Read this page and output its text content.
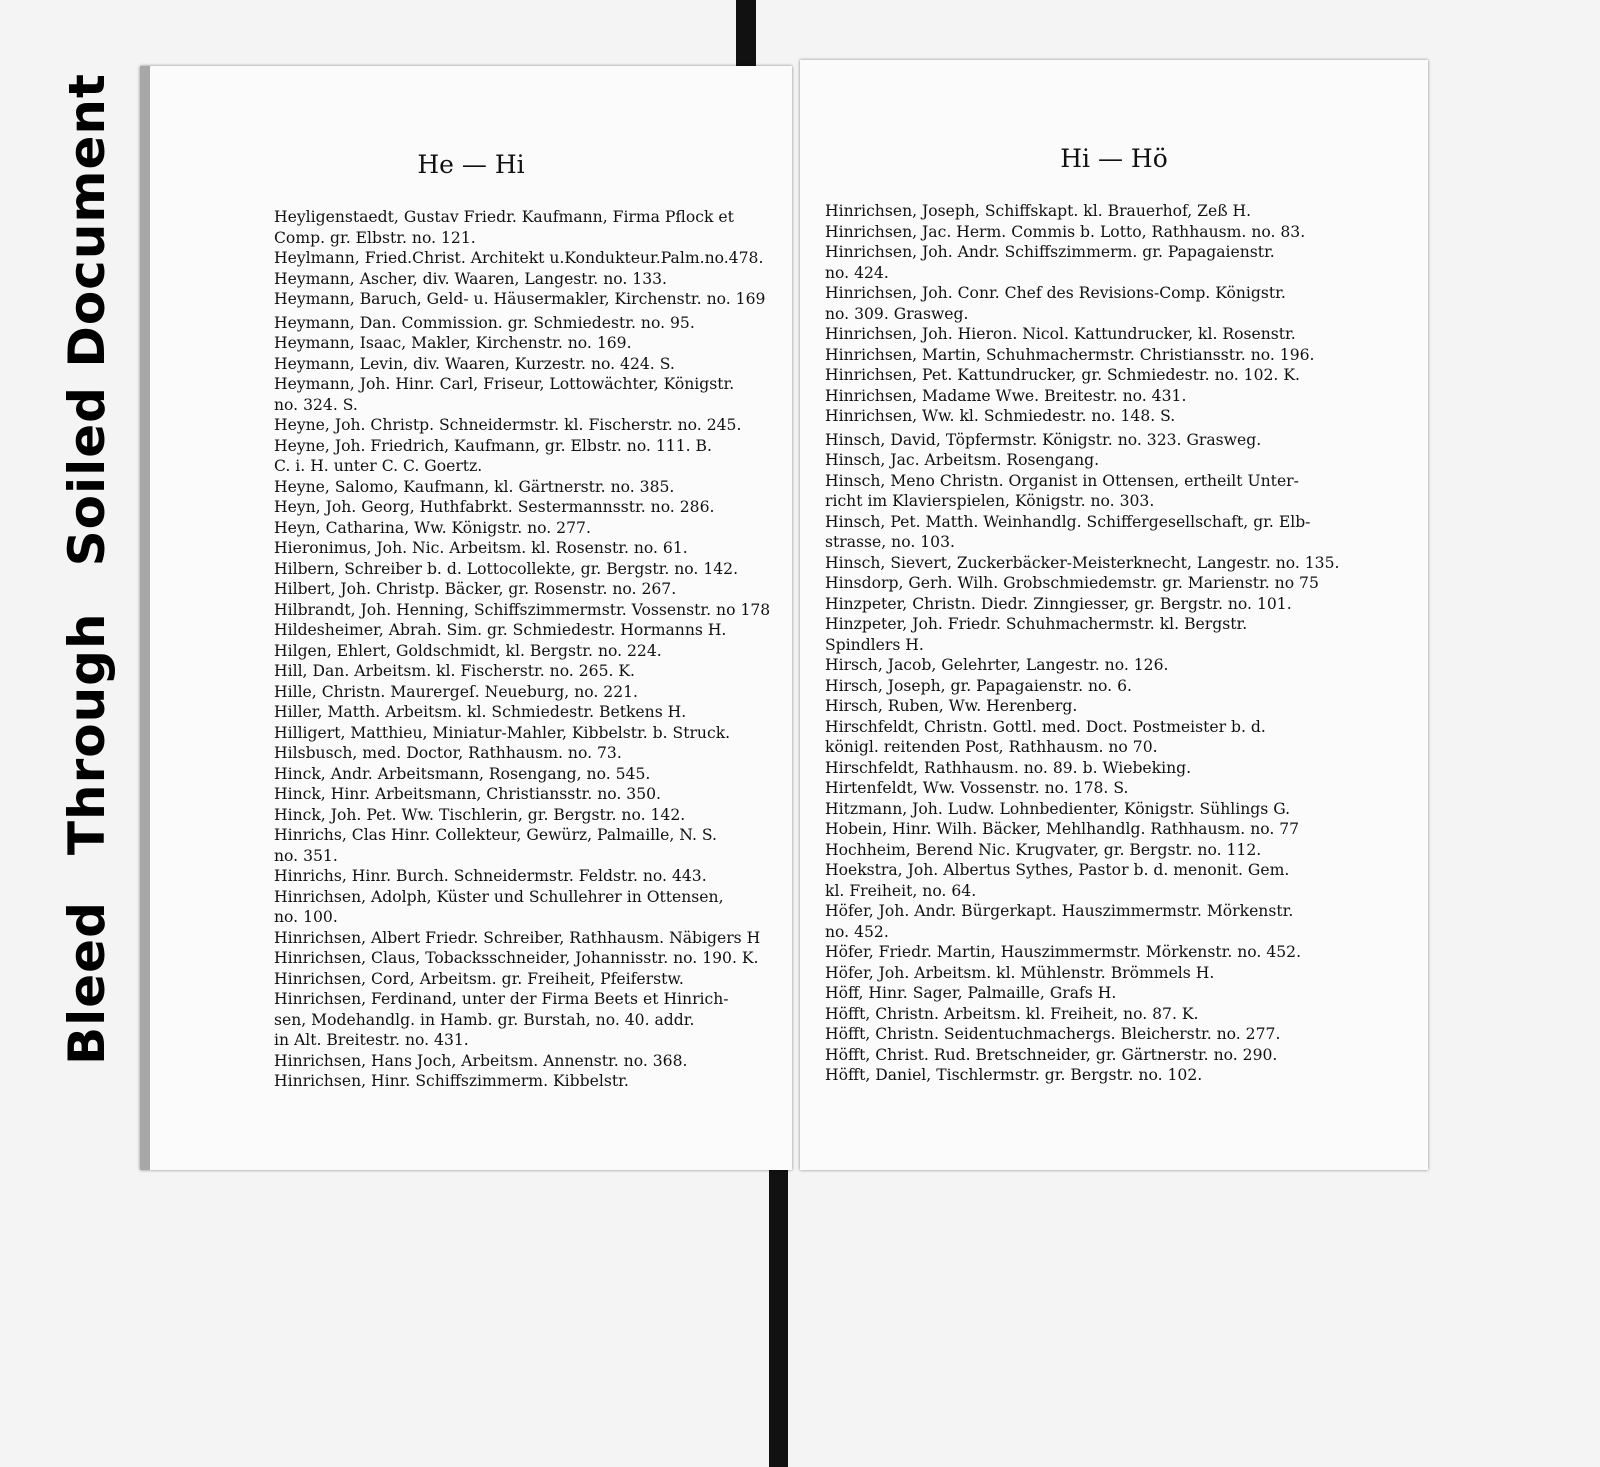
BleedThroughSoiled Document	He — Hi
Heyligenstaedt, Gustav Friedr. Kaufmann, Firma Pflock et
Comp. gr. Elbstr. no. 121.
Heylmann, Fried.Christ. Architekt u.Kondukteur.Palm.no.478.
Heymann, Ascher, div. Waaren, Langestr. no. 133.
Heymann, Baruch, Geld- u. Häusermakler, Kirchenstr. no. 169
Heymann, Dan. Commission. gr. Schmiedestr. no. 95.
Heymann, Isaac, Makler, Kirchenstr. no. 169.
Heymann, Levin, div. Waaren, Kurzestr. no. 424. S.
Heymann, Joh. Hinr. Carl, Friseur, Lottowächter, Königstr.
no. 324. S.
Heyne, Joh. Christp. Schneidermstr. kl. Fischerstr. no. 245.
Heyne, Joh. Friedrich, Kaufmann, gr. Elbstr. no. 111. B.
C. i. H. unter C. C. Goertz.
Heyne, Salomo, Kaufmann, kl. Gärtnerstr. no. 385.
Heyn, Joh. Georg, Huthfabrkt. Sestermannsstr. no. 286.
Heyn, Catharina, Ww. Königstr. no. 277.
Hieronimus, Joh. Nic. Arbeitsm. kl. Rosenstr. no. 61.
Hilbern, Schreiber b. d. Lottocollekte, gr. Bergstr. no. 142.
Hilbert, Joh. Christp. Bäcker, gr. Rosenstr. no. 267.
Hilbrandt, Joh. Henning, Schiffszimmermstr. Vossenstr. no 178
Hildesheimer, Abrah. Sim. gr. Schmiedestr. Hormanns H.
Hilgen, Ehlert, Goldschmidt, kl. Bergstr. no. 224.
Hill, Dan. Arbeitsm. kl. Fischerstr. no. 265. K.
Hille, Christn. Maurergeſ. Neueburg, no. 221.
Hiller, Matth. Arbeitsm. kl. Schmiedestr. Betkens H.
Hilligert, Matthieu, Miniatur-Mahler, Kibbelstr. b. Struck.
Hilsbusch, med. Doctor, Rathhausm. no. 73.
Hinck, Andr. Arbeitsmann, Rosengang, no. 545.
Hinck, Hinr. Arbeitsmann, Christiansstr. no. 350.
Hinck, Joh. Pet. Ww. Tischlerin, gr. Bergstr. no. 142.
Hinrichs, Clas Hinr. Collekteur, Gewürz, Palmaille, N. S.
no. 351.
Hinrichs, Hinr. Burch. Schneidermstr. Feldstr. no. 443.
Hinrichsen, Adolph, Küster und Schullehrer in Ottensen,
no. 100.
Hinrichsen, Albert Friedr. Schreiber, Rathhausm. Näbigers H
Hinrichsen, Claus, Tobacksschneider, Johannisstr. no. 190. K.
Hinrichsen, Cord, Arbeitsm. gr. Freiheit, Pfeiferstw.
Hinrichsen, Ferdinand, unter der Firma Beets et Hinrich-
sen, Modehandlg. in Hamb. gr. Burstah, no. 40. addr.
in Alt. Breitestr. no. 431.
Hinrichsen, Hans Joch, Arbeitsm. Annenstr. no. 368.
Hinrichsen, Hinr. Schiffszimmerm. Kibbelstr.
Hi — Hö
Hinrichsen, Joseph, Schiffskapt. kl. Brauerhof, Zeß H.
Hinrichsen, Jac. Herm. Commis b. Lotto, Rathhausm. no. 83.
Hinrichsen, Joh. Andr. Schiffszimmerm. gr. Papagaienstr.
no. 424.
Hinrichsen, Joh. Conr. Chef des Revisions-Comp. Königstr.
no. 309. Grasweg.
Hinrichsen, Joh. Hieron. Nicol. Kattundrucker, kl. Rosenstr.
Hinrichsen, Martin, Schuhmachermstr. Christiansstr. no. 196.
Hinrichsen, Pet. Kattundrucker, gr. Schmiedestr. no. 102. K.
Hinrichsen, Madame Wwe. Breitestr. no. 431.
Hinrichsen, Ww. kl. Schmiedestr. no. 148. S.
Hinsch, David, Töpfermstr. Königstr. no. 323. Grasweg.
Hinsch, Jac. Arbeitsm. Rosengang.
Hinsch, Meno Christn. Organist in Ottensen, ertheilt Unter-
richt im Klavierspielen, Königstr. no. 303.
Hinsch, Pet. Matth. Weinhandlg. Schiffergesellschaft, gr. Elb-
strasse, no. 103.
Hinsch, Sievert, Zuckerbäcker-Meisterknecht, Langestr. no. 135.
Hinsdorp, Gerh. Wilh. Grobschmiedemstr. gr. Marienstr. no 75
Hinzpeter, Christn. Diedr. Zinngiesser, gr. Bergstr. no. 101.
Hinzpeter, Joh. Friedr. Schuhmachermstr. kl. Bergstr.
Spindlers H.
Hirsch, Jacob, Gelehrter, Langestr. no. 126.
Hirsch, Joseph, gr. Papagaienstr. no. 6.
Hirsch, Ruben, Ww. Herenberg.
Hirschfeldt, Christn. Gottl. med. Doct. Postmeister b. d.
königl. reitenden Post, Rathhausm. no 70.
Hirschfeldt, Rathhausm. no. 89. b. Wiebeking.
Hirtenfeldt, Ww. Vossenstr. no. 178. S.
Hitzmann, Joh. Ludw. Lohnbedienter, Königstr. Sühlings G.
Hobein, Hinr. Wilh. Bäcker, Mehlhandlg. Rathhausm. no. 77
Hochheim, Berend Nic. Krugvater, gr. Bergstr. no. 112.
Hoekstra, Joh. Albertus Sythes, Pastor b. d. menonit. Gem.
kl. Freiheit, no. 64.
Höfer, Joh. Andr. Bürgerkapt. Hauszimmermstr. Mörkenstr.
no. 452.
Höfer, Friedr. Martin, Hauszimmermstr. Mörkenstr. no. 452.
Höfer, Joh. Arbeitsm. kl. Mühlenstr. Brömmels H.
Höff, Hinr. Sager, Palmaille, Grafs H.
Höfft, Christn. Arbeitsm. kl. Freiheit, no. 87. K.
Höfft, Christn. Seidentuchmachergs. Bleicherstr. no. 277.
Höfft, Christ. Rud. Bretschneider, gr. Gärtnerstr. no. 290.
Höfft, Daniel, Tischlermstr. gr. Bergstr. no. 102.
